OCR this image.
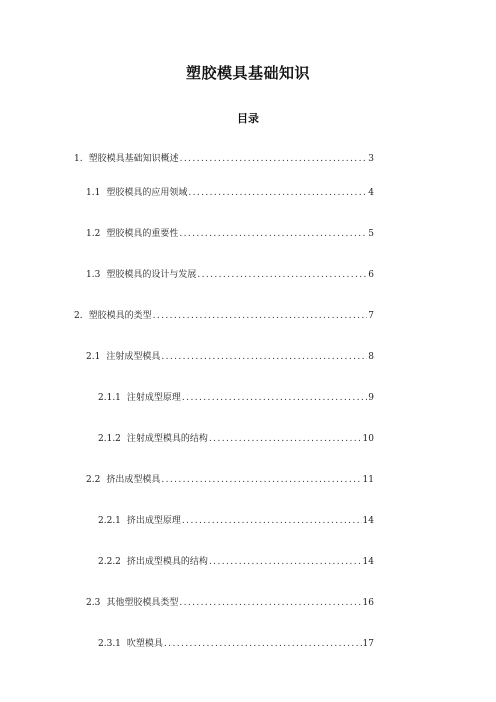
塑胶模具基础知识
目录
1. 塑胶模具基础知识概述 .....	3
1.1 塑胶模具的应用领域 .....	4
1.2 塑胶模具的重要性 .....	5
1.3 塑胶模具的设计与发展 .....	6
2. 塑胶模具的类型 .....	7
2.1 注射成型模具 .....	8
2.1.1 注射成型原理 .....	9
2.1.2 注射成型模具的结构 .....	10
2.2 挤出成型模具 .....	11
2.2.1 挤出成型原理 .....	14
2.2.2 挤出成型模具的结构 .....	14
2.3 其他塑胶模具类型 .....	16
2.3.1 吹塑模具 .....	17
